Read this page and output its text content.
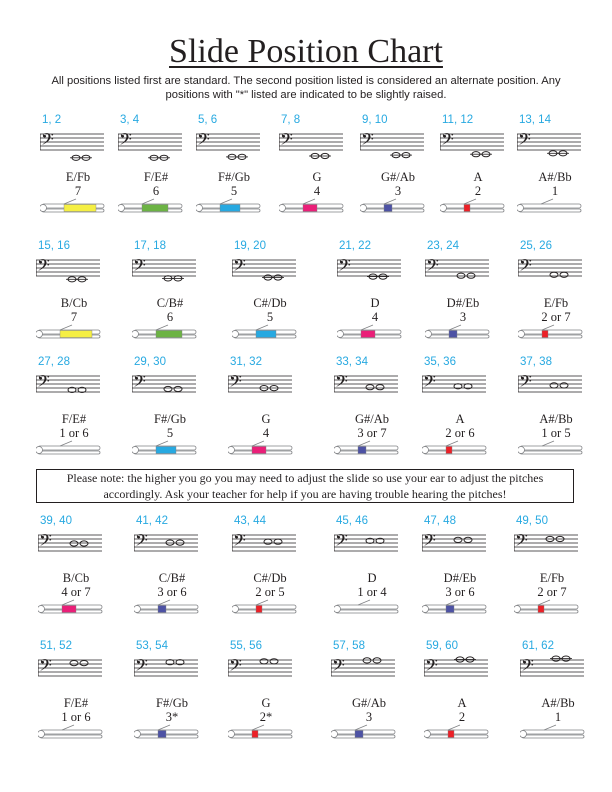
Slide Position Chart
All positions listed first are standard. The second position listed is considered an alternate position. Any
positions with "*" listed are indicated to be slightly raised.
Please note: the higher you go you may need to adjust the slide so use your ear to adjust the pitches
accordingly. Ask your teacher for help if you are having trouble hearing the pitches!
1, 2
𝄢
E/Fb
7
3, 4
𝄢
F/E#
6
5, 6
𝄢
F#/Gb
5
7, 8
𝄢
G
4
9, 10
𝄢
G#/Ab
3
11, 12
𝄢
A
2
13, 14
𝄢
A#/Bb
1
15, 16
𝄢
B/Cb
7
17, 18
𝄢
C/B#
6
19, 20
𝄢
C#/Db
5
21, 22
𝄢
D
4
23, 24
𝄢
D#/Eb
3
25, 26
𝄢
E/Fb
2 or 7
27, 28
𝄢
F/E#
1 or 6
29, 30
𝄢
F#/Gb
5
31, 32
𝄢
G
4
33, 34
𝄢
G#/Ab
3 or 7
35, 36
𝄢
A
2 or 6
37, 38
𝄢
A#/Bb
1 or 5
39, 40
𝄢
B/Cb
4 or 7
41, 42
𝄢
C/B#
3 or 6
43, 44
𝄢
C#/Db
2 or 5
45, 46
𝄢
D
1 or 4
47, 48
𝄢
D#/Eb
3 or 6
49, 50
𝄢
E/Fb
2 or 7
51, 52
𝄢
F/E#
1 or 6
53, 54
𝄢
F#/Gb
3*
55, 56
𝄢
G
2*
57, 58
𝄢
G#/Ab
3
59, 60
𝄢
A
2
61, 62
𝄢
A#/Bb
1
